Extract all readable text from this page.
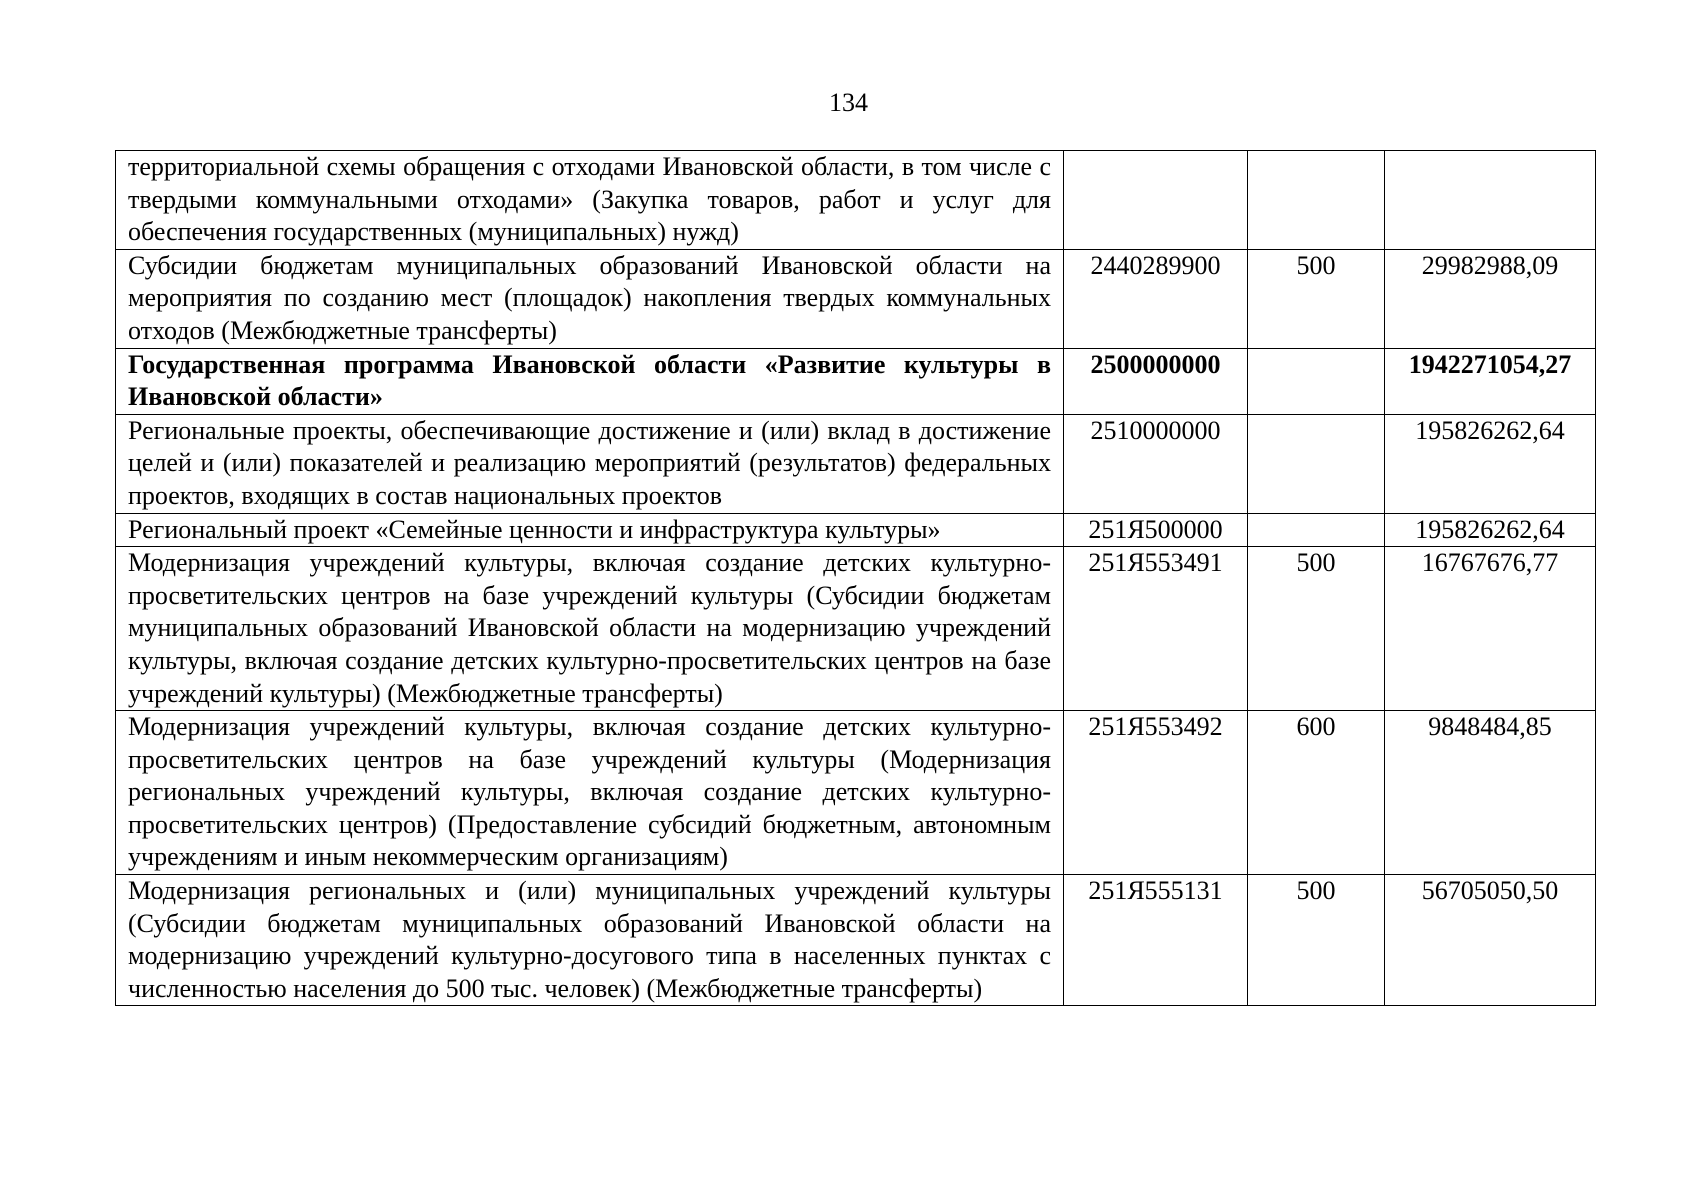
134
территориальной схемы обращения с отходами Ивановской области, в том числе с твердыми коммунальными отходами» (Закупка товаров, работ и услуг для обеспечения государственных (муниципальных) нужд)			
Субсидии бюджетам муниципальных образований Ивановской области на мероприятия по созданию мест (площадок) накопления твердых коммунальных отходов (Межбюджетные трансферты)	2440289900	500	29982988,09
Государственная программа Ивановской области «Развитие культуры в Ивановской области»	2500000000		1942271054,27
Региональные проекты, обеспечивающие достижение и (или) вклад в достижение целей и (или) показателей и реализацию мероприятий (результатов) федеральных проектов, входящих в состав национальных проектов	2510000000		195826262,64
Региональный проект «Семейные ценности и инфраструктура культуры»	251Я500000		195826262,64
Модернизация учреждений культуры, включая создание детских культурно-просветительских центров на базе учреждений культуры (Субсидии бюджетам муниципальных образований Ивановской области на модернизацию учреждений культуры, включая создание детских культурно-просветительских центров на базе учреждений культуры) (Межбюджетные трансферты)	251Я553491	500	16767676,77
Модернизация учреждений культуры, включая создание детских культурно-просветительских центров на базе учреждений культуры (Модернизация региональных учреждений культуры, включая создание детских культурно-просветительских центров) (Предоставление субсидий бюджетным, автономным учреждениям и иным некоммерческим организациям)	251Я553492	600	9848484,85
Модернизация региональных и (или) муниципальных учреждений культуры (Субсидии бюджетам муниципальных образований Ивановской области на модернизацию учреждений культурно-досугового типа в населенных пунктах с численностью населения до 500 тыс. человек) (Межбюджетные трансферты)	251Я555131	500	56705050,50
